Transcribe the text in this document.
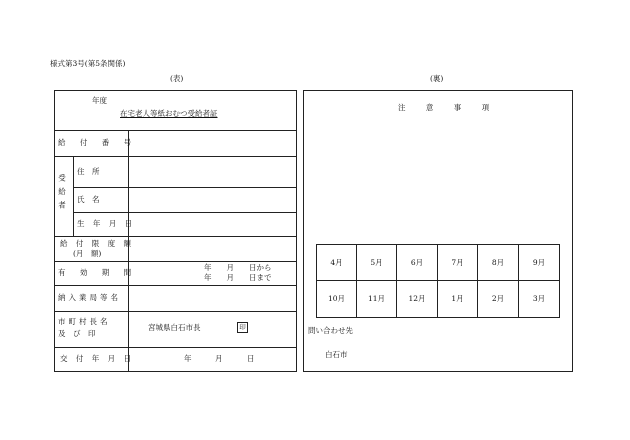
様式第3号(第5条関係)
(表)	(裏)
年度
在宅老人等紙おむつ受給者証
給 付 番 号
受給者
住　所
氏　名
生 年 月 日
給 付 限 度 額
(月　額)
有 効 期 間
年　　月　　日から
年　　月　　日まで
納入業局等名
市町村長名
及　び　印
宮城県白石市長	印
交 付 年 月 日	年	月	日
注 意 事 項
4月	5月	6月	7月	8月	9月
10月	11月	12月	1月	2月	3月
問い合わせ先
白石市
